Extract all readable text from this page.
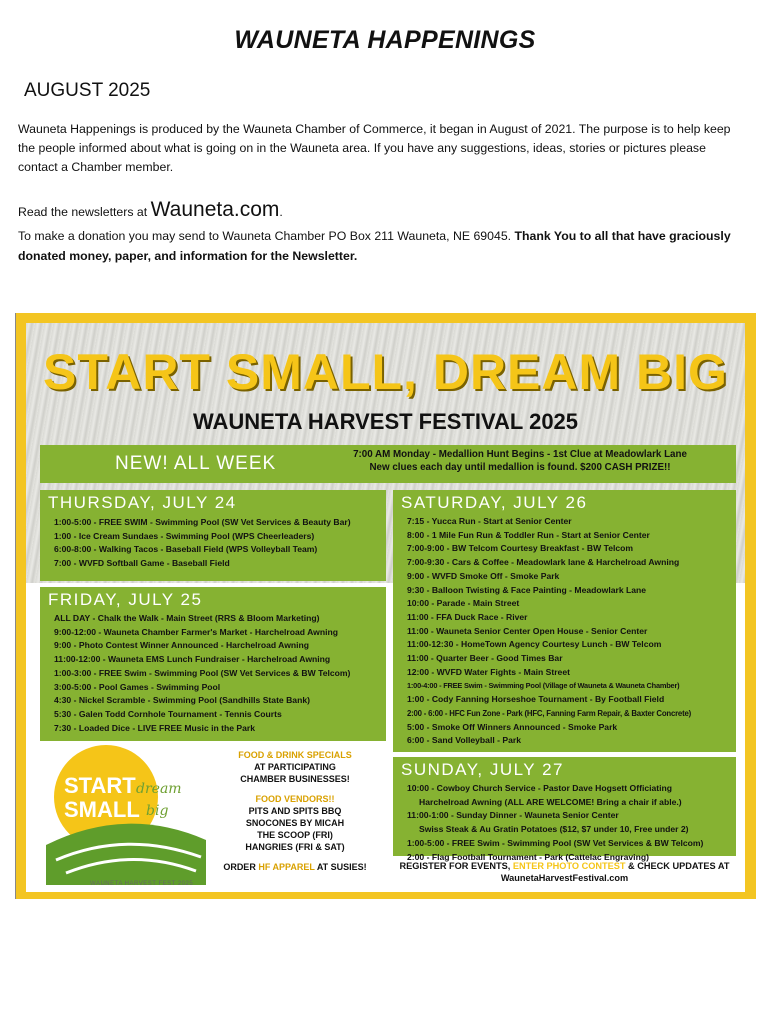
WAUNETA HAPPENINGS
AUGUST 2025
Wauneta Happenings is produced by the Wauneta Chamber of Commerce, it began in August of 2021. The purpose is to help keep the people informed about what is going on in the Wauneta area. If you have any suggestions, ideas, stories or pictures please contact a Chamber member.
Read the newsletters at Wauneta.com.
To make a donation you may send to Wauneta Chamber PO Box 211 Wauneta, NE 69045. Thank You to all that have graciously donated money, paper, and information for the Newsletter.
START SMALL, DREAM BIG
WAUNETA HARVEST FESTIVAL 2025
NEW! ALL WEEK	7:00 AM Monday - Medallion Hunt Begins - 1st Clue at Meadowlark Lane
New clues each day until medallion is found. $200 CASH PRIZE!!
THURSDAY, JULY 24
1:00-5:00 - FREE SWIM - Swimming Pool (SW Vet Services & Beauty Bar)
1:00 - Ice Cream Sundaes - Swimming Pool (WPS Cheerleaders)
6:00-8:00 - Walking Tacos - Baseball Field (WPS Volleyball Team)
7:00 - WVFD Softball Game - Baseball Field
FRIDAY, JULY 25
ALL DAY - Chalk the Walk - Main Street (RRS & Bloom Marketing)
9:00-12:00 - Wauneta Chamber Farmer's Market - Harchelroad Awning
9:00 - Photo Contest Winner Announced - Harchelroad Awning
11:00-12:00 - Wauneta EMS Lunch Fundraiser - Harchelroad Awning
1:00-3:00 - FREE Swim - Swimming Pool (SW Vet Services & BW Telcom)
3:00-5:00 - Pool Games - Swimming Pool
4:30 - Nickel Scramble - Swimming Pool (Sandhills State Bank)
5:30 - Galen Todd Cornhole Tournament - Tennis Courts
7:30 - Loaded Dice - LIVE FREE Music in the Park
SATURDAY, JULY 26
7:15 - Yucca Run - Start at Senior Center
8:00 - 1 Mile Fun Run & Toddler Run - Start at Senior Center
7:00-9:00 - BW Telcom Courtesy Breakfast - BW Telcom
7:00-9:30 - Cars & Coffee - Meadowlark lane & Harchelroad Awning
9:00 - WVFD Smoke Off - Smoke Park
9:30 - Balloon Twisting & Face Painting - Meadowlark Lane
10:00 - Parade - Main Street
11:00 - FFA Duck Race - River
11:00 - Wauneta Senior Center Open House - Senior Center
11:00-12:30 - HomeTown Agency Courtesy Lunch - BW Telcom
11:00 - Quarter Beer - Good Times Bar
12:00 - WVFD Water Fights - Main Street
1:00-4:00 - FREE Swim - Swimming Pool (Village of Wauneta & Wauneta Chamber)
1:00 - Cody Fanning Horseshoe Tournament - By Football Field
2:00 - 6:00 - HFC Fun Zone - Park (HFC, Fanning Farm Repair, & Baxter Concrete)
5:00 - Smoke Off Winners Announced - Smoke Park
6:00 - Sand Volleyball - Park
SUNDAY, JULY 27
10:00 - Cowboy Church Service - Pastor Dave Hogsett Officiating
Harchelroad Awning (ALL ARE WELCOME! Bring a chair if able.)
11:00-1:00 - Sunday Dinner - Wauneta Senior Center
Swiss Steak & Au Gratin Potatoes ($12, $7 under 10, Free under 2)
1:00-5:00 - FREE Swim - Swimming Pool (SW Vet Services & BW Telcom)
2:00 - Flag Football Tournament - Park (Cattelac Engraving)
START
SMALL
dream
big
WAUNETA HARVEST FEST 2025
FOOD & DRINK SPECIALS
AT PARTICIPATING
CHAMBER BUSINESSES!
FOOD VENDORS!!
PITS AND SPITS BBQ
SNOCONES BY MICAH
THE SCOOP (FRI)
HANGRIES (FRI & SAT)
ORDER HF APPAREL AT SUSIES!	REGISTER FOR EVENTS, ENTER PHOTO CONTEST & CHECK UPDATES AT
WaunetaHarvestFestival.com
